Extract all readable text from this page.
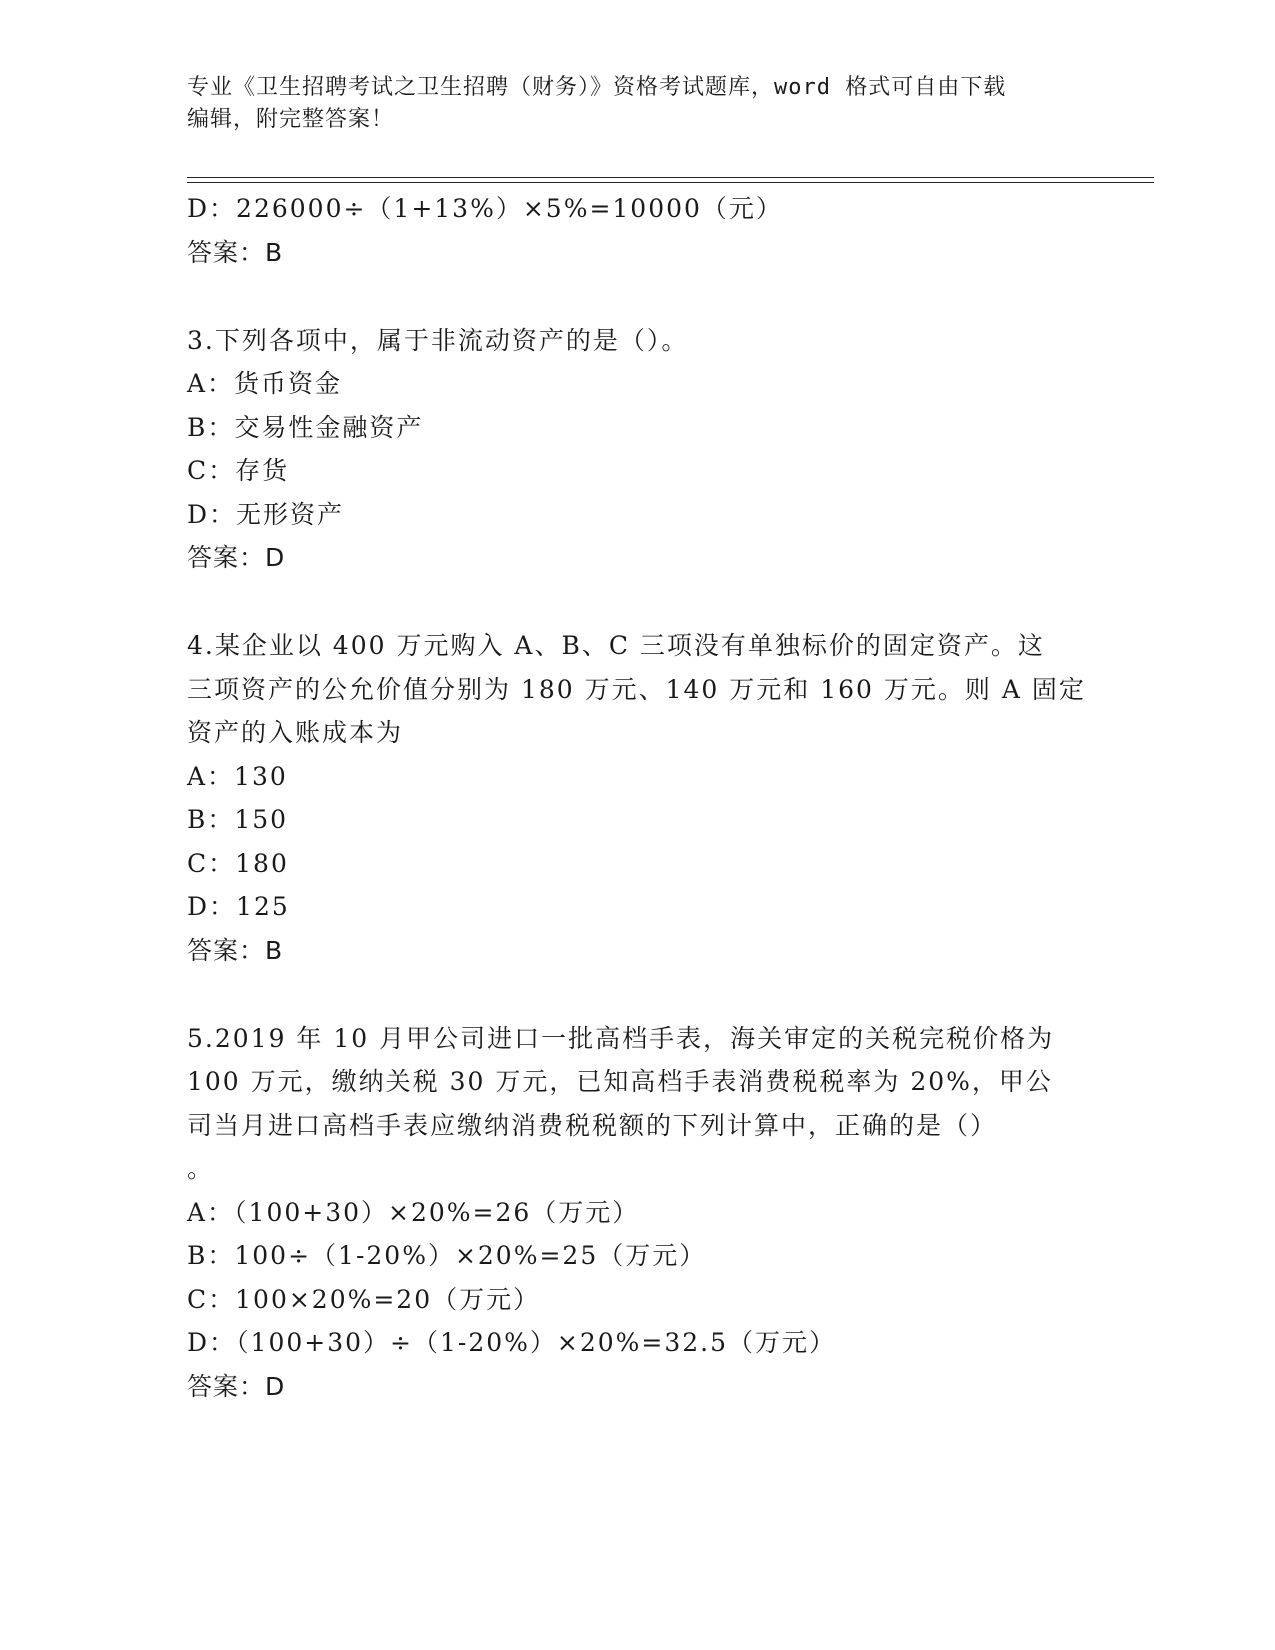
专业《卫生招聘考试之卫生招聘（财务）》资格考试题库，word 格式可自由下载
编辑，附完整答案！
D：226000÷（1+13%）×5%=10000（元）
答案：B
3.下列各项中，属于非流动资产的是（）。
A：货币资金
B：交易性金融资产
C：存货
D：无形资产
答案：D
4.某企业以 400 万元购入 A、B、C 三项没有单独标价的固定资产。这
三项资产的公允价值分别为 180 万元、140 万元和 160 万元。则 A 固定
资产的入账成本为
A：130
B：150
C：180
D：125
答案：B
5.2019 年 10 月甲公司进口一批高档手表，海关审定的关税完税价格为
100 万元，缴纳关税 30 万元，已知高档手表消费税税率为 20%，甲公
司当月进口高档手表应缴纳消费税税额的下列计算中，正确的是（）
。
A：（100+30）×20%=26（万元）
B：100÷（1-20%）×20%=25（万元）
C：100×20%=20（万元）
D：（100+30）÷（1-20%）×20%=32.5（万元）
答案：D
